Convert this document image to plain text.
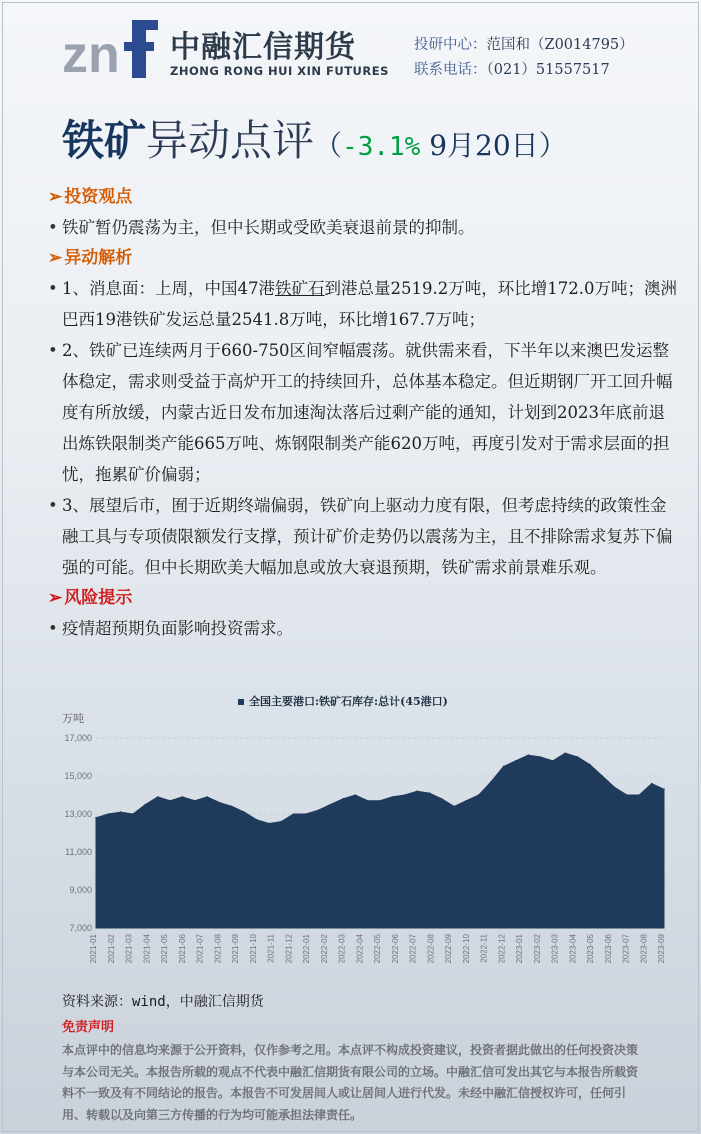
zn 中融汇信期货
ZHONG RONG HUI XIN FUTURES
投研中心：范国和（Z0014795）
联系电话：（021）51557517
铁矿异动点评（-3.1% 9月20日）
➢ 投资观点
• 铁矿暂仍震荡为主，但中长期或受欧美衰退前景的抑制。
➢ 异动解析
• 1、消息面：上周，中国47港铁矿石到港总量2519.2万吨，环比增172.0万吨；澳洲巴西19港铁矿发运总量2541.8万吨，环比增167.7万吨；
• 2、铁矿已连续两月于660-750区间窄幅震荡。就供需来看，下半年以来澳巴发运整体稳定，需求则受益于高炉开工的持续回升，总体基本稳定。但近期钢厂开工回升幅度有所放缓，内蒙古近日发布加速淘汰落后过剩产能的通知，计划到2023年底前退出炼铁限制类产能665万吨、炼钢限制类产能620万吨，再度引发对于需求层面的担忧，拖累矿价偏弱；
• 3、展望后市，囿于近期终端偏弱，铁矿向上驱动力度有限，但考虑持续的政策性金融工具与专项债限额发行支撑，预计矿价走势仍以震荡为主，且不排除需求复苏下偏强的可能。但中长期欧美大幅加息或放大衰退预期，铁矿需求前景难乐观。
➢ 风险提示
• 疫情超预期负面影响投资需求。
全国主要港口:铁矿石库存:总计(45港口)
万吨
17,000
15,000
13,000
11,000
9,000
7,000
2021-01 2021-02 2021-03 2021-04 2021-05 2021-06 2021-07 2021-08 2021-09 2021-10 2021-11 2021-12 2022-01 2022-02 2022-03 2022-04 2022-05 2022-06 2022-07 2022-08 2022-09 2022-10 2022-11 2022-12 2023-01 2023-02 2023-03 2023-04 2023-05 2023-06 2023-07 2023-08 2023-09
资料来源：wind，中融汇信期货
免责声明
本点评中的信息均来源于公开资料，仅作参考之用。本点评不构成投资建议，投资者据此做出的任何投资决策与本公司无关。本报告所载的观点不代表中融汇信期货有限公司的立场。中融汇信可发出其它与本报告所载资料不一致及有不同结论的报告。本报告不可发居间人或让居间人进行代发。未经中融汇信授权许可，任何引用、转载以及向第三方传播的行为均可能承担法律责任。
